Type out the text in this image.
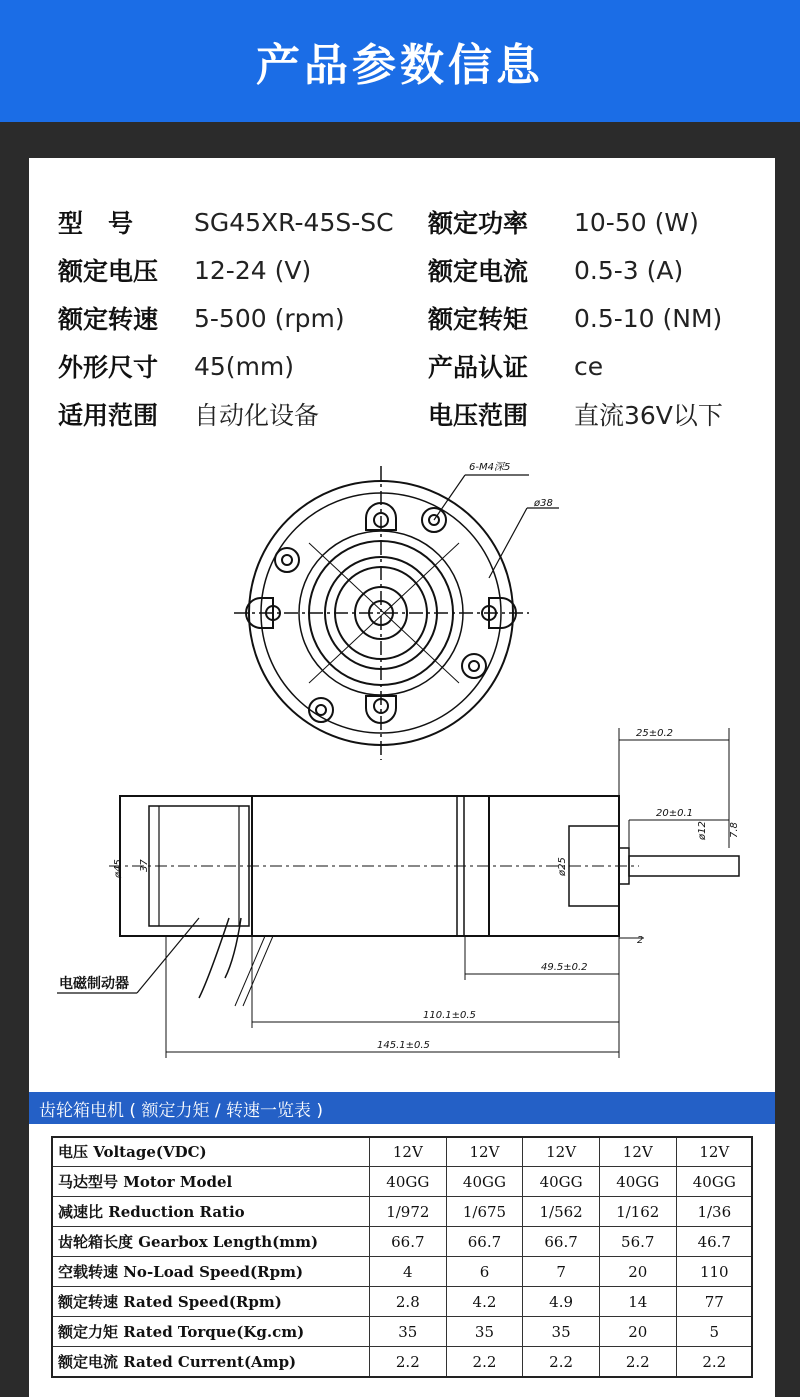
产品参数信息
型　号	SG45XR-45S-SC	额定功率	10-50 (W)
额定电压	12-24 (V)	额定电流	0.5-3 (A)
额定转速	5-500 (rpm)	额定转矩	0.5-10 (NM)
外形尺寸	45(mm)	产品认证	ce
适用范围	自动化设备	电压范围	直流36V以下
6-M4深5
ø38
25±0.2
20±0.1
ø12 7.8
ø45 37	ø25
2
49.5±0.2
110.1±0.5
145.1±0.5
电磁制动器
齿轮箱电机 ( 额定力矩 / 转速一览表 )
电压 Voltage(VDC)	12V	12V	12V	12V	12V
马达型号 Motor Model	40GG	40GG	40GG	40GG	40GG
减速比 Reduction Ratio	1/972	1/675	1/562	1/162	1/36
齿轮箱长度 Gearbox Length(mm)	66.7	66.7	66.7	56.7	46.7
空载转速 No-Load Speed(Rpm)	4	6	7	20	110
额定转速 Rated Speed(Rpm)	2.8	4.2	4.9	14	77
额定力矩 Rated Torque(Kg.cm)	35	35	35	20	5
额定电流 Rated Current(Amp)	2.2	2.2	2.2	2.2	2.2
